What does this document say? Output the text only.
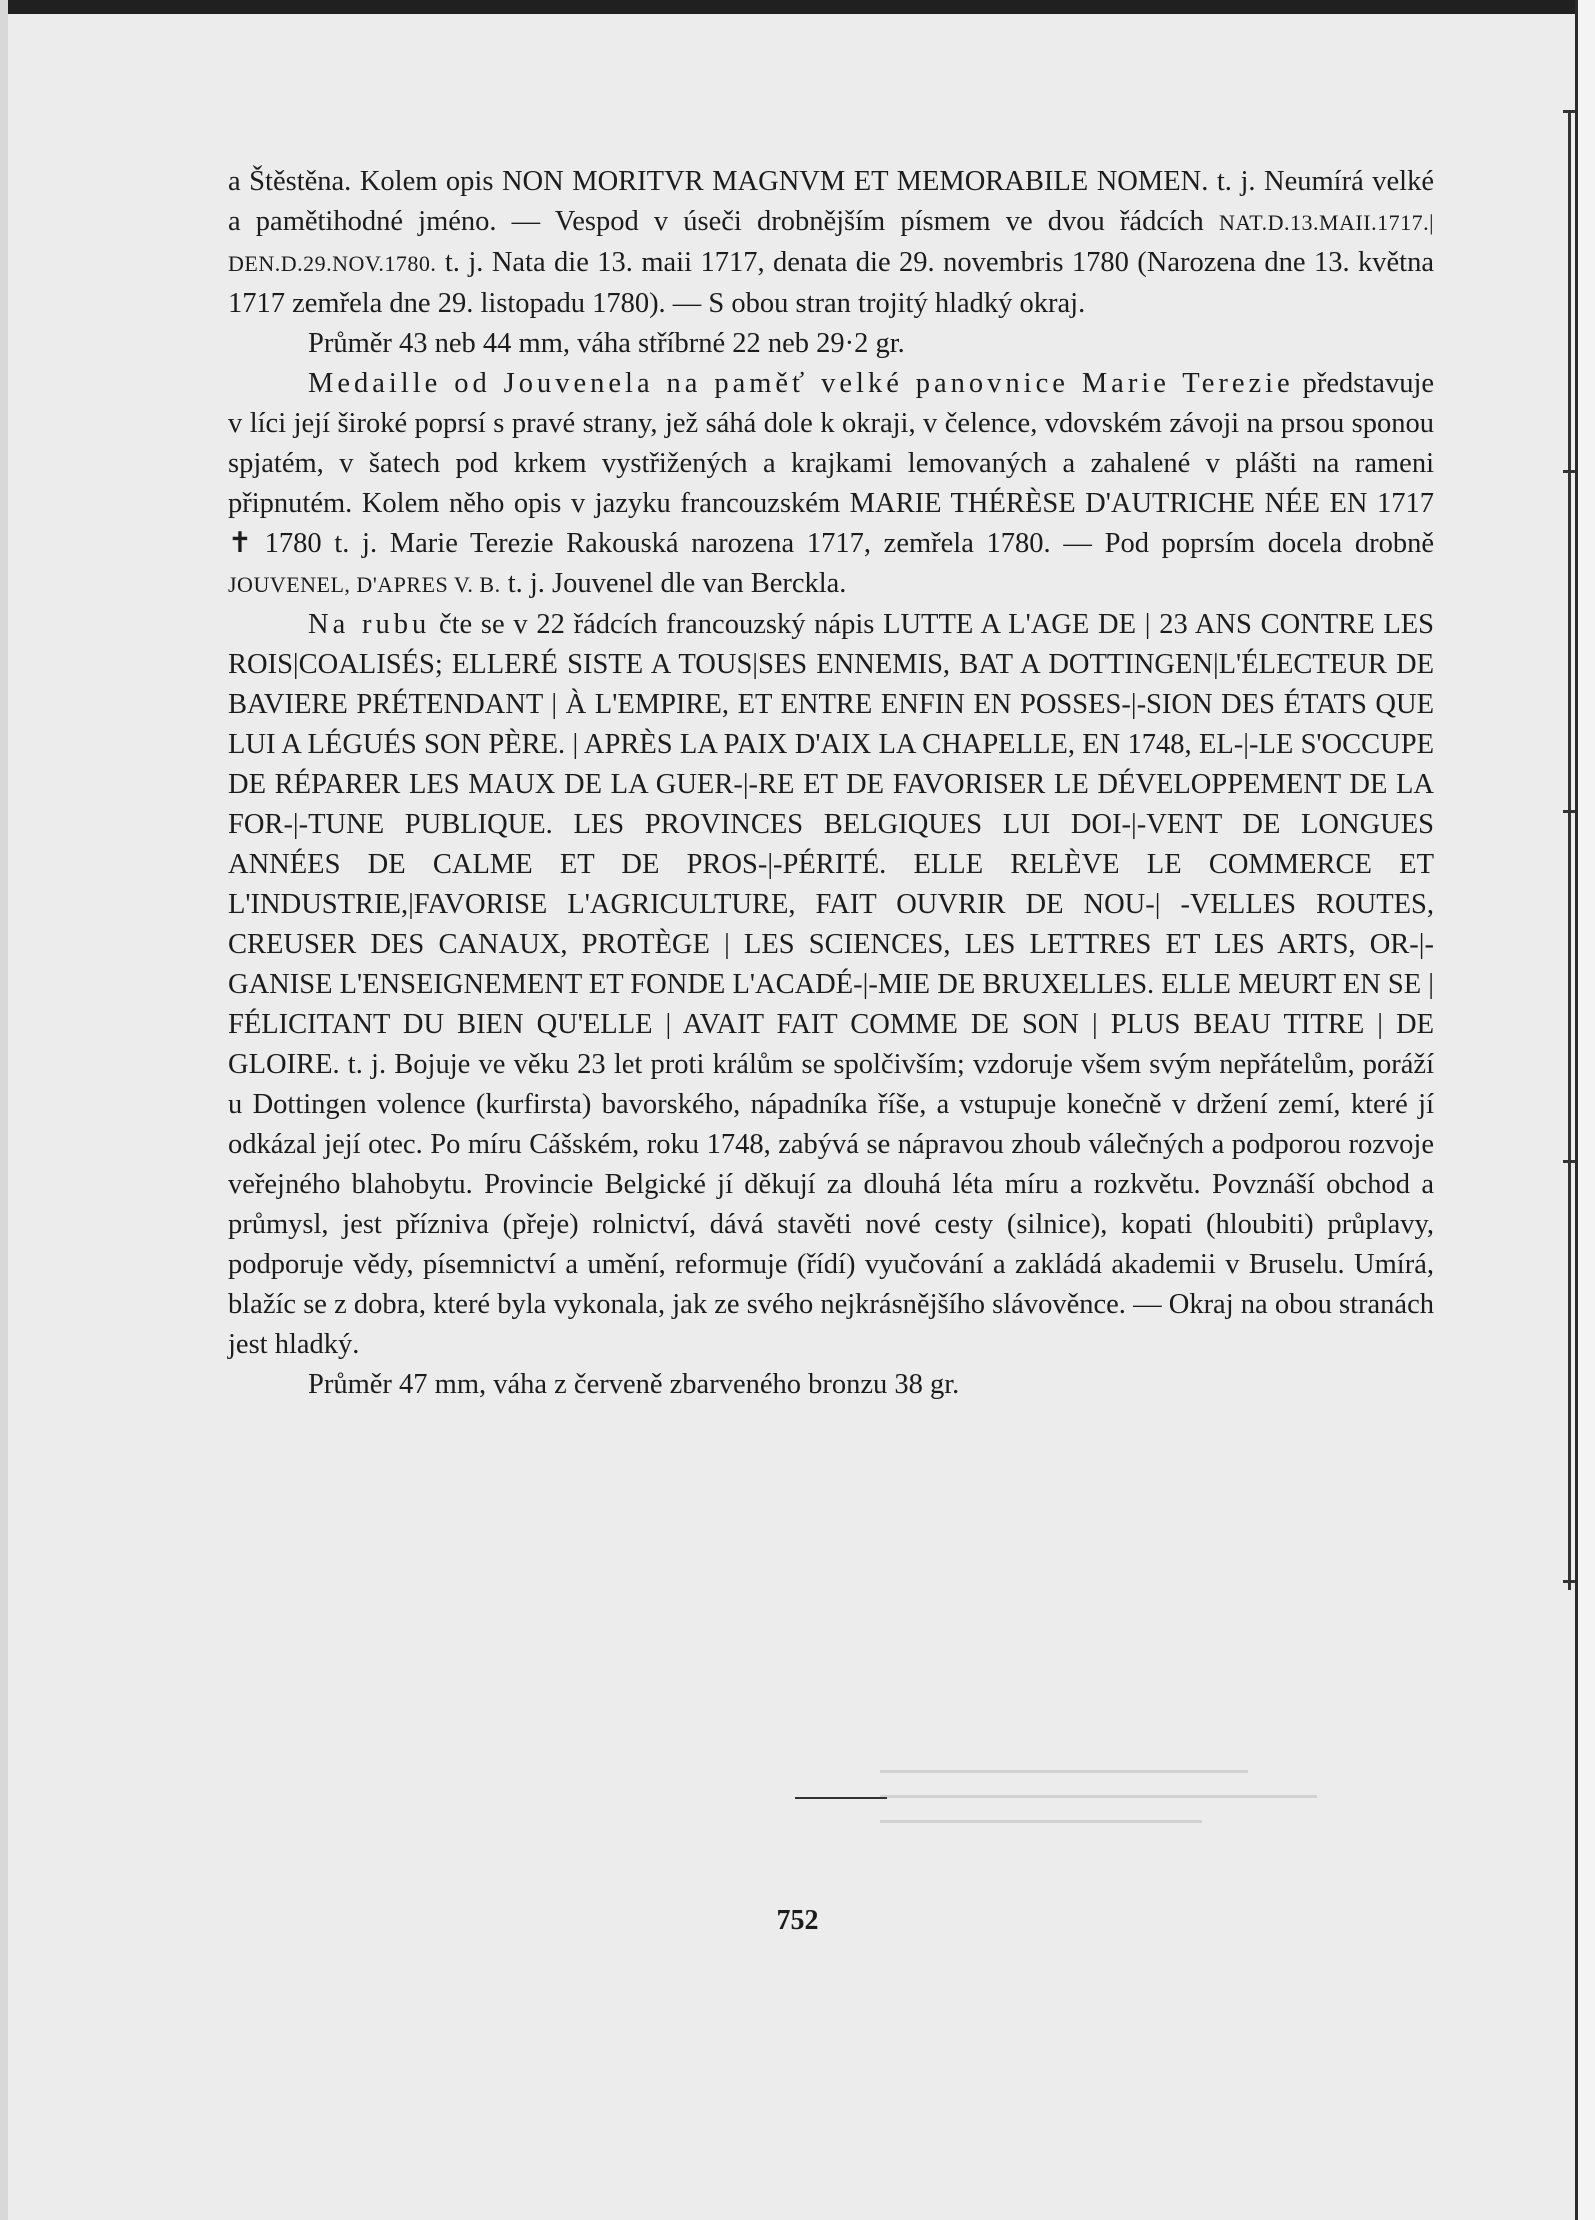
a Štěstěna. Kolem opis NON MORITVR MAGNVM ET MEMORABILE NOMEN. t. j. Neumírá velké a pamětihodné jméno. — Vespod v úseči drobnějším písmem ve dvou řádcích NAT.D.13.MAII.1717.| DEN.D.29.NOV.1780. t. j. Nata die 13. maii 1717, denata die 29. novembris 1780 (Narozena dne 13. května 1717 zemřela dne 29. listopadu 1780). — S obou stran trojitý hladký okraj.

Průměr 43 neb 44 mm, váha stříbrné 22 neb 29·2 gr.

Medaille od Jouvenela na paměť velké panovnice Marie Terezie představuje v líci její široké poprsí s pravé strany, jež sáhá dole k okraji, v čelence, vdovském závoji na prsou sponou spjatém, v šatech pod krkem vystřižených a krajkami lemovaných a zahalené v plášti na rameni připnutém. Kolem něho opis v jazyku francouzském MARIE THÉRÈSE D'AUTRICHE NÉE EN 1717 ✝ 1780 t. j. Marie Terezie Rakouská narozena 1717, zemřela 1780. — Pod poprsím docela drobně JOUVENEL, D'APRES V. B. t. j. Jouvenel dle van Berckla.

Na rubu čte se v 22 řádcích francouzský nápis LUTTE A L'AGE DE | 23 ANS CONTRE LES ROIS|COALISÉS; ELLERÉ SISTE A TOUS|SES ENNEMIS, BAT A DOTTINGEN|L'ÉLECTEUR DE BAVIERE PRÉTENDANT | À L'EMPIRE, ET ENTRE ENFIN EN POSSES-|-SION DES ÉTATS QUE LUI A LÉGUÉS SON PÈRE. | APRÈS LA PAIX D'AIX LA CHAPELLE, EN 1748, EL-|-LE S'OCCUPE DE RÉPARER LES MAUX DE LA GUER-|-RE ET DE FAVORISER LE DÉVELOPPEMENT DE LA FOR-|-TUNE PUBLIQUE. LES PROVINCES BELGIQUES LUI DOI-|-VENT DE LONGUES ANNÉES DE CALME ET DE PROS-|-PÉRITÉ. ELLE RELÈVE LE COMMERCE ET L'INDUSTRIE,|FAVORISE L'AGRICULTURE, FAIT OUVRIR DE NOU-| -VELLES ROUTES, CREUSER DES CANAUX, PROTÈGE | LES SCIENCES, LES LETTRES ET LES ARTS, OR-|-GANISE L'ENSEIGNEMENT ET FONDE L'ACADÉ-|-MIE DE BRUXELLES. ELLE MEURT EN SE | FÉLICITANT DU BIEN QU'ELLE | AVAIT FAIT COMME DE SON | PLUS BEAU TITRE | DE GLOIRE. t. j. Bojuje ve věku 23 let proti králům se spolčivším; vzdoruje všem svým nepřátelům, poráží u Dottingen volence (kurfirsta) bavorského, nápadníka říše, a vstupuje konečně v držení zemí, které jí odkázal její otec. Po míru Cášském, roku 1748, zabývá se nápravou zhoub válečných a podporou rozvoje veřejného blahobytu. Provincie Belgické jí děkují za dlouhá léta míru a rozkvětu. Povznáší obchod a průmysl, jest přízniva (přeje) rolnictví, dává stavěti nové cesty (silnice), kopati (hloubiti) průplavy, podporuje vědy, písemnictví a umění, reformuje (řídí) vyučování a zakládá akademii v Bruselu. Umírá, blažíc se z dobra, které byla vykonala, jak ze svého nejkrásnějšího slávověnce. — Okraj na obou stranách jest hladký.

Průměr 47 mm, váha z červeně zbarveného bronzu 38 gr.

752
